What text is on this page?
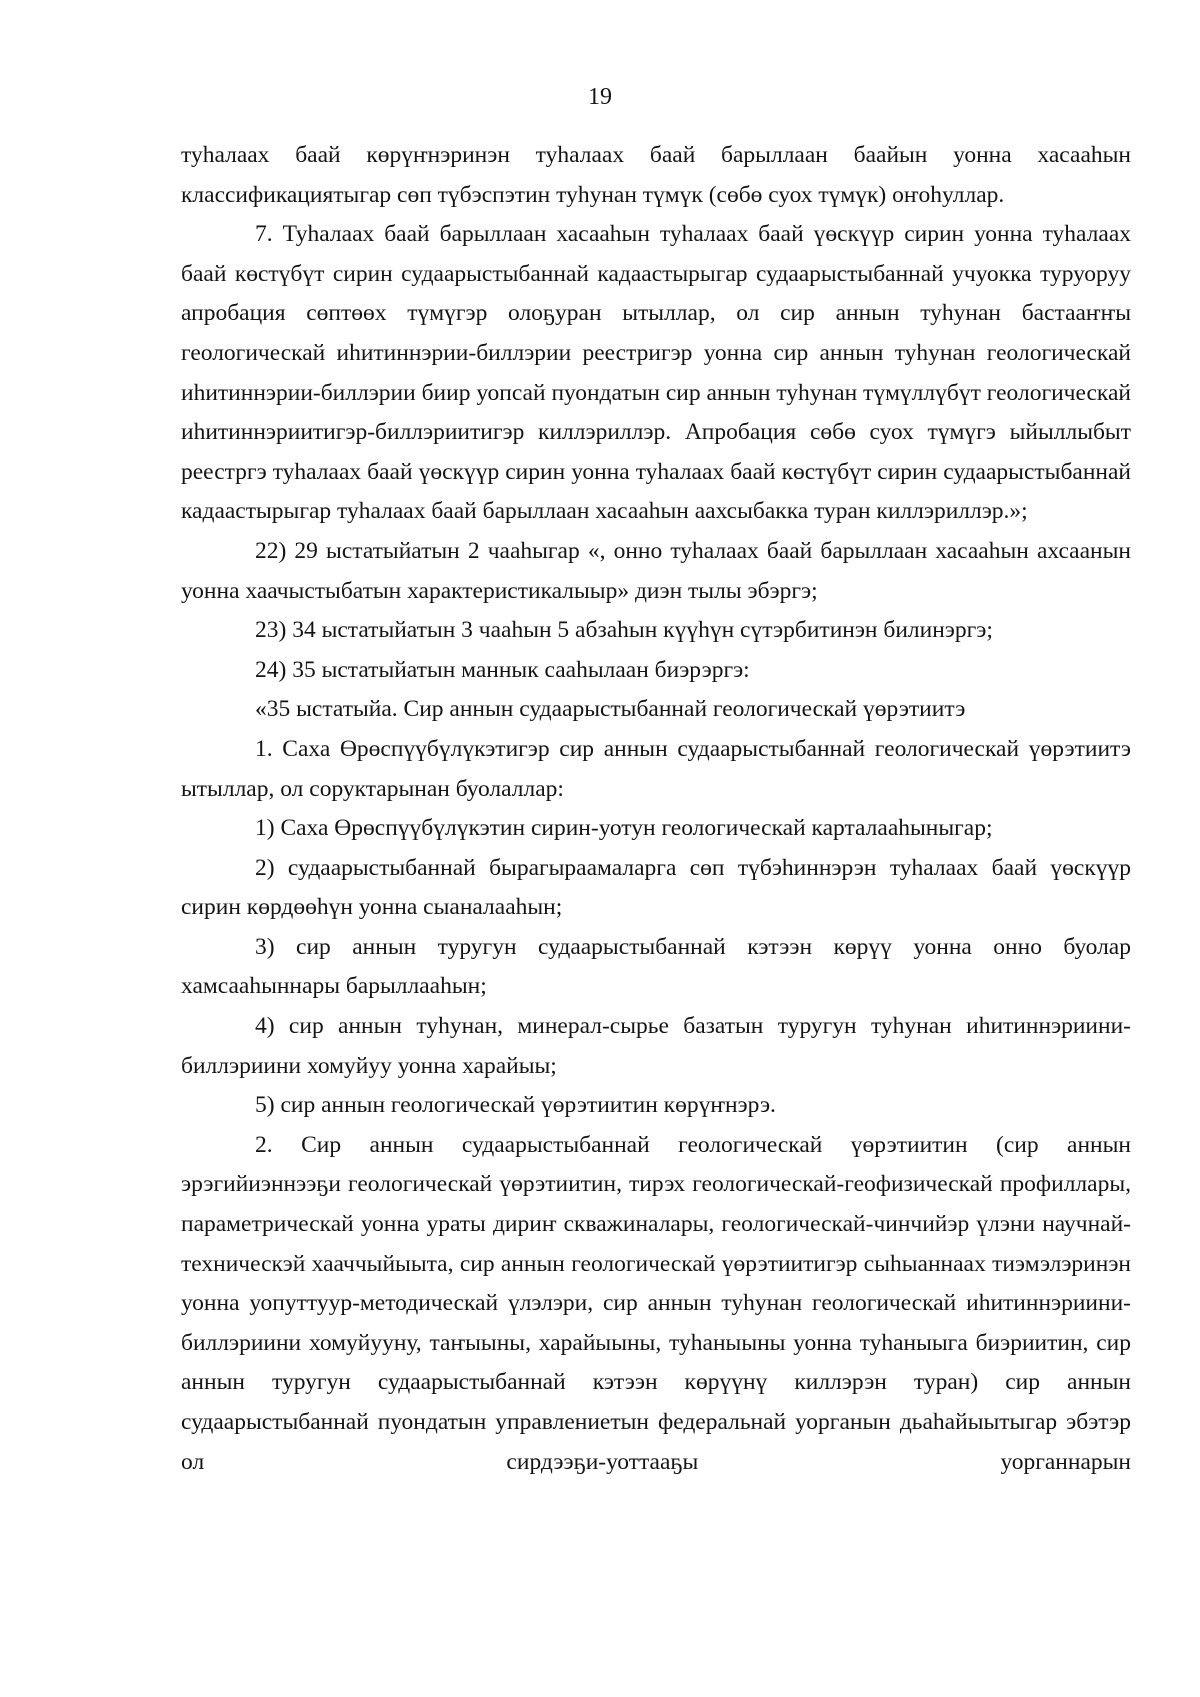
19

туһалаах баай көрүҥнэринэн туһалаах баай барыллаан баайын уонна хасааһын классификациятыгар сөп түбэспэтин туһунан түмүк (сөбө суох түмүк) оҥоһуллар.

7. Туһалаах баай барыллаан хасааһын туһалаах баай үөскүүр сирин уонна туһалаах баай көстүбүт сирин судаарыстыбаннай кадаастырыгар судаарыстыбаннай учуокка туруоруу апробация сөптөөх түмүгэр олоҕуран ытыллар, ол сир аннын туһунан бастааҥҥы геологическай иһитиннэрии-биллэрии реестригэр уонна сир аннын туһунан геологическай иһитиннэрии-биллэрии биир уопсай пуондатын сир аннын туһунан түмүллүбүт геологическай иһитиннэриитигэр-биллэриитигэр киллэриллэр. Апробация сөбө суох түмүгэ ыйыллыбыт реестргэ туһалаах баай үөскүүр сирин уонна туһалаах баай көстүбүт сирин судаарыстыбаннай кадаастырыгар туһалаах баай барыллаан хасааһын аахсыбакка туран киллэриллэр.»;

22) 29 ыстатыйатын 2 чааһыгар «, онно туһалаах баай барыллаан хасааһын ахсаанын уонна хаачыстыбатын характеристикалыыр» диэн тылы эбэргэ;

23) 34 ыстатыйатын 3 чааһын 5 абзаһын күүһүн сүтэрбитинэн билинэргэ;

24) 35 ыстатыйатын маннык сааһылаан биэрэргэ:

«35 ыстатыйа. Сир аннын судаарыстыбаннай геологическай үөрэтиитэ

1. Саха Өрөспүүбүлүкэтигэр сир аннын судаарыстыбаннай геологическай үөрэтиитэ ытыллар, ол соруктарынан буолаллар:

1) Саха Өрөспүүбүлүкэтин сирин-уотун геологическай карталааһыныгар;

2) судаарыстыбаннай бырагыраамаларга сөп түбэһиннэрэн туһалаах баай үөскүүр сирин көрдөөһүн уонна сыаналааһын;

3) сир аннын туругун судаарыстыбаннай кэтээн көрүү уонна онно буолар хамсааһыннары барыллааһын;

4) сир аннын туһунан, минерал-сырье базатын туругун туһунан иһитиннэриини-биллэриини хомуйуу уонна харайыы;

5) сир аннын геологическай үөрэтиитин көрүҥнэрэ.

2. Сир аннын судаарыстыбаннай геологическай үөрэтиитин (сир аннын эрэгийиэннээҕи геологическай үөрэтиитин, тирэх геологическай-геофизическай профиллары, параметрическай уонна ураты дириҥ скважиналары, геологическай-чинчийэр үлэни научнай-техническэй хааччыйыыта, сир аннын геологическай үөрэтиитигэр сыһыаннаах тиэмэлэринэн уонна уопуттуур-методическай үлэлэри, сир аннын туһунан геологическай иһитиннэриини-биллэриини хомуйууну, таҥыыны, харайыыны, туһаныыны уонна туһаныыга биэриитин, сир аннын туругун судаарыстыбаннай кэтээн көрүүнү киллэрэн туран) сир аннын судаарыстыбаннай пуондатын управлениетын федеральнай уорганын дьаһайыытыгар эбэтэр ол сирдээҕи-уоттааҕы уорганнарын
